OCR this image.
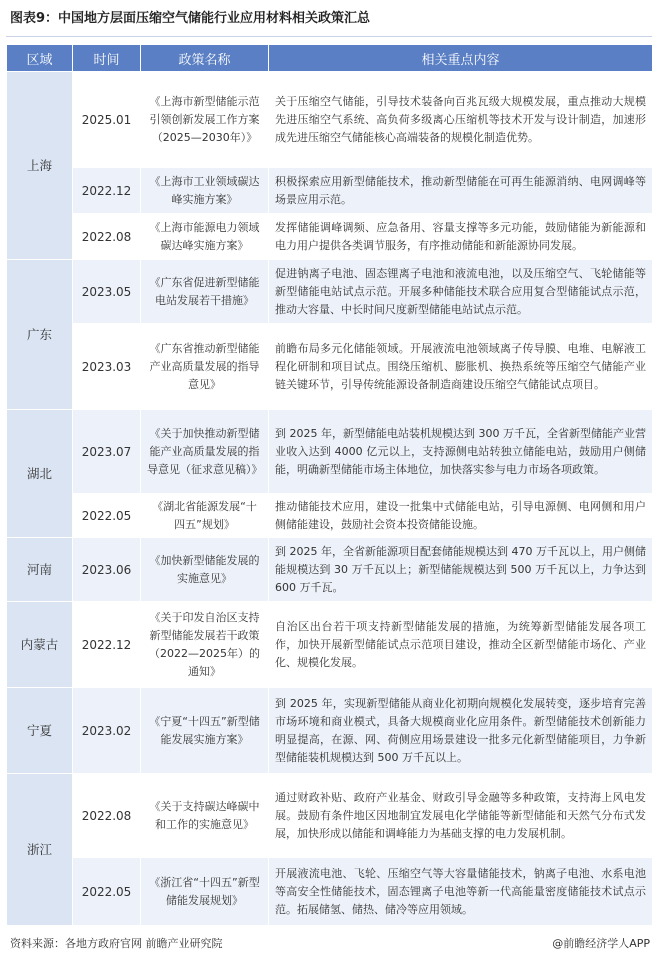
图表9：中国地方层面压缩空气储能行业应用材料相关政策汇总
区域	时间	政策名称	相关重点内容
上海	2025.01	《上海市新型储能示范引领创新发展工作方案（2025—2030年）》	关于压缩空气储能，引导技术装备向百兆瓦级大规模发展，重点推动大规模先进压缩空气系统、高负荷多级离心压缩机等技术开发与设计制造，加速形成先进压缩空气储能核心高端装备的规模化制造优势。
	2022.12	《上海市工业领域碳达峰实施方案》	积极探索应用新型储能技术，推动新型储能在可再生能源消纳、电网调峰等场景应用示范。
	2022.08	《上海市能源电力领域碳达峰实施方案》	发挥储能调峰调频、应急备用、容量支撑等多元功能，鼓励储能为新能源和电力用户提供各类调节服务，有序推动储能和新能源协同发展。
广东	2023.05	《广东省促进新型储能电站发展若干措施》	促进钠离子电池、固态锂离子电池和液流电池，以及压缩空气、飞轮储能等新型储能电站试点示范。开展多种储能技术联合应用复合型储能试点示范，推动大容量、中长时间尺度新型储能电站试点示范。
	2023.03	《广东省推动新型储能产业高质量发展的指导意见》	前瞻布局多元化储能领域。开展液流电池领域离子传导膜、电堆、电解液工程化研制和项目试点。围绕压缩机、膨胀机、换热系统等压缩空气储能产业链关键环节，引导传统能源设备制造商建设压缩空气储能试点项目。
湖北	2023.07	《关于加快推动新型储能产业高质量发展的指导意见（征求意见稿）》	到 2025 年，新型储能电站装机规模达到 300 万千瓦，全省新型储能产业营业收入达到 4000 亿元以上，支持源侧电站转独立储能电站，鼓励用户侧储能，明确新型储能市场主体地位，加快落实参与电力市场各项政策。
	2022.05	《湖北省能源发展“十四五”规划》	推动储能技术应用，建设一批集中式储能电站，引导电源侧、电网侧和用户侧储能建设，鼓励社会资本投资储能设施。
河南	2023.06	《加快新型储能发展的实施意见》	到 2025 年，全省新能源项目配套储能规模达到 470 万千瓦以上，用户侧储能规模达到 30 万千瓦以上；新型储能规模达到 500 万千瓦以上，力争达到 600 万千瓦。
内蒙古	2022.12	《关于印发自治区支持新型储能发展若干政策（2022—2025年）的通知》	自治区出台若干项支持新型储能发展的措施，为统筹新型储能发展各项工作，加快开展新型储能试点示范项目建设，推动全区新型储能市场化、产业化、规模化发展。
宁夏	2023.02	《宁夏“十四五”新型储能发展实施方案》	到 2025 年，实现新型储能从商业化初期向规模化发展转变，逐步培育完善市场环境和商业模式，具备大规模商业化应用条件。新型储能技术创新能力明显提高，在源、网、荷侧应用场景建设一批多元化新型储能项目，力争新型储能装机规模达到 500 万千瓦以上。
浙江	2022.08	《关于支持碳达峰碳中和工作的实施意见》	通过财政补贴、政府产业基金、财政引导金融等多种政策，支持海上风电发展。鼓励有条件地区因地制宜发展电化学储能等新型储能和天然气分布式发展，加快形成以储能和调峰能力为基础支撑的电力发展机制。
	2022.05	《浙江省“十四五”新型储能发展规划》	开展液流电池、飞轮、压缩空气等大容量储能技术，钠离子电池、水系电池等高安全性储能技术，固态锂离子电池等新一代高能量密度储能技术试点示范。拓展储氢、储热、储冷等应用领域。
资料来源：各地方政府官网 前瞻产业研究院	@前瞻经济学人APP
